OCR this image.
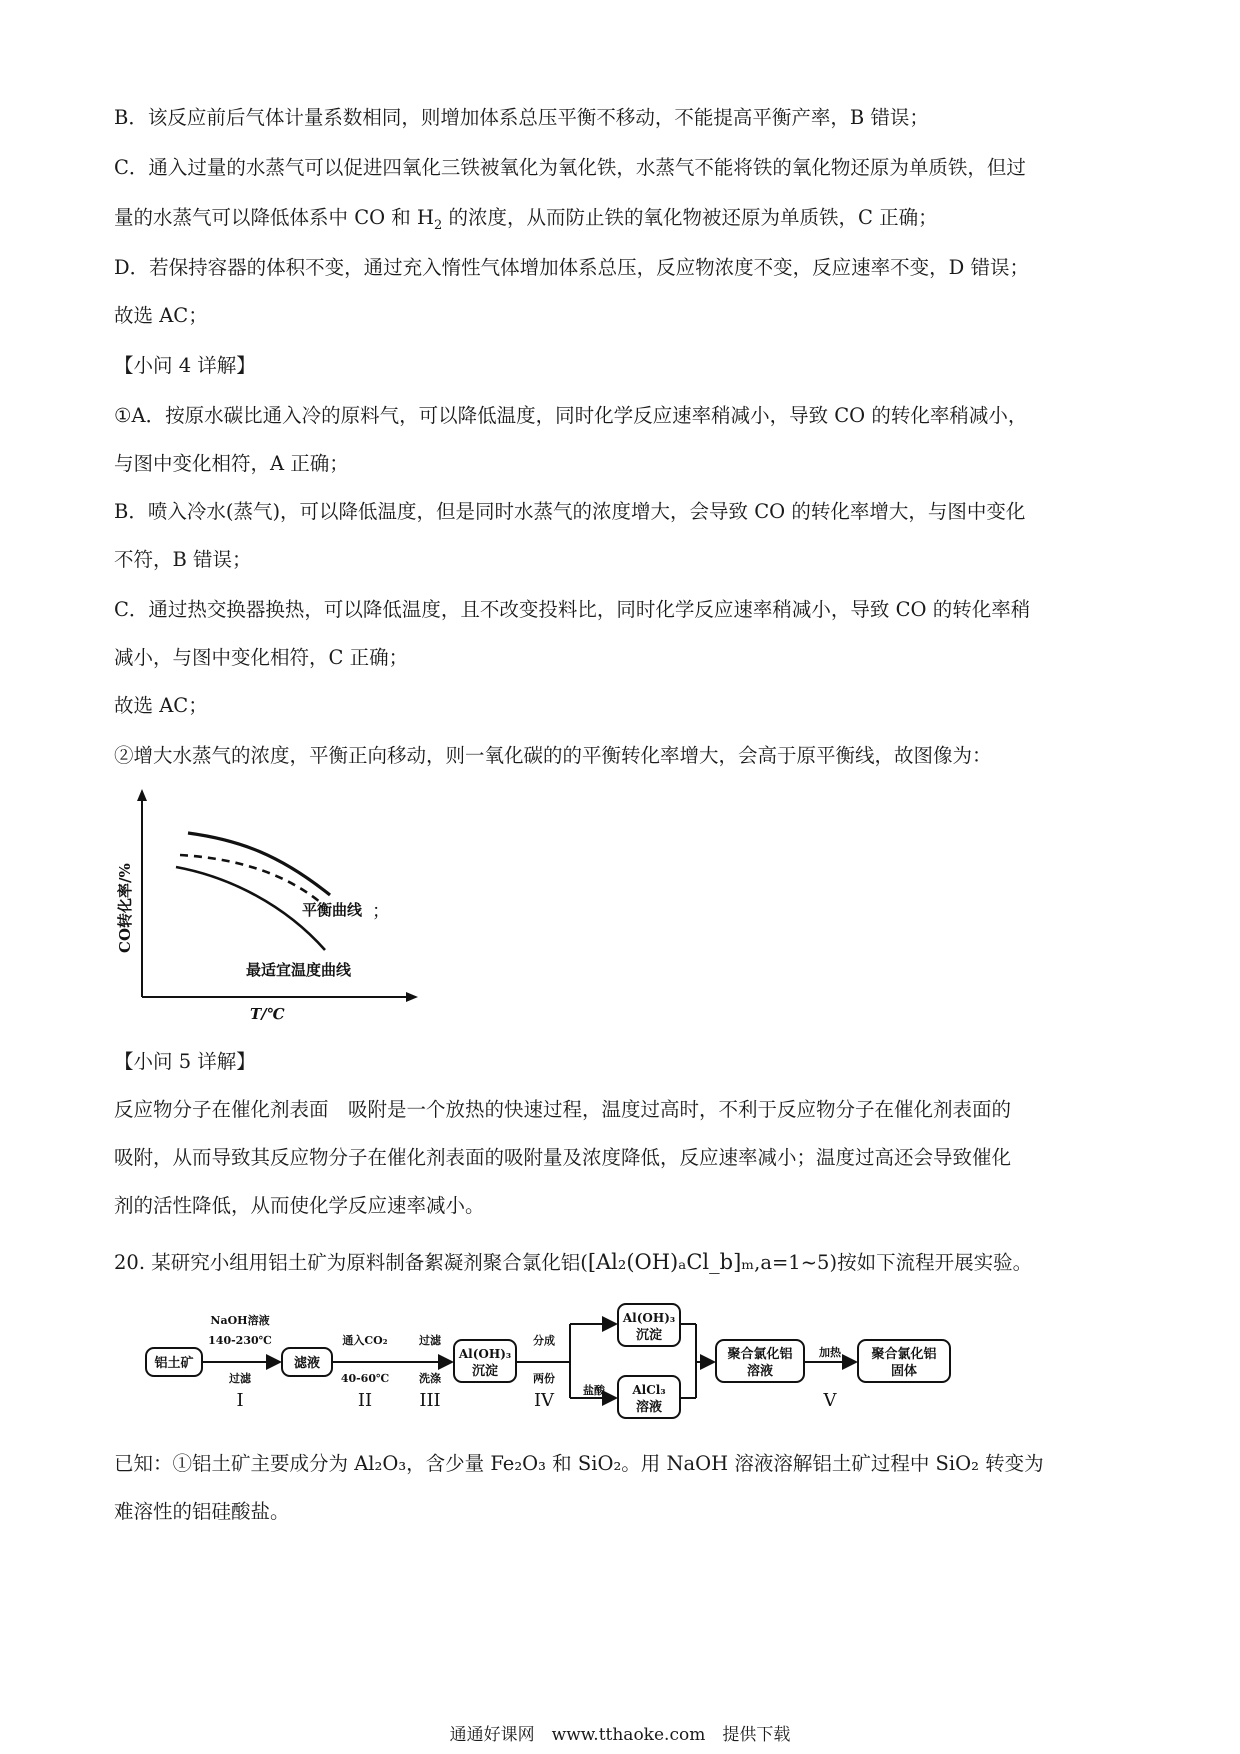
B．该反应前后气体计量系数相同，则增加体系总压平衡不移动，不能提高平衡产率，B 错误；
C．通入过量的水蒸气可以促进四氧化三铁被氧化为氧化铁，水蒸气不能将铁的氧化物还原为单质铁，但过
量的水蒸气可以降低体系中 CO 和 $H_2$ 的浓度，从而防止铁的氧化物被还原为单质铁，C 正确；
D．若保持容器的体积不变，通过充入惰性气体增加体系总压，反应物浓度不变，反应速率不变，D 错误；
故选 AC；
【小问 4 详解】
①A．按原水碳比通入冷的原料气，可以降低温度，同时化学反应速率稍减小，导致 CO 的转化率稍减小，
与图中变化相符，A 正确；
B．喷入冷水(蒸气)，可以降低温度，但是同时水蒸气的浓度增大，会导致 CO 的转化率增大，与图中变化
不符，B 错误；
C．通过热交换器换热，可以降低温度，且不改变投料比，同时化学反应速率稍减小，导致 CO 的转化率稍
减小，与图中变化相符，C 正确；
故选 AC；
②增大水蒸气的浓度，平衡正向移动，则一氧化碳的的平衡转化率增大，会高于原平衡线，故图像为：
CO转化率/%
T/℃
平衡曲线
最适宜温度曲线
；
【小问 5 详解】
反应物分子在催化剂表面　吸附是一个放热的快速过程，温度过高时，不利于反应物分子在催化剂表面的
吸附，从而导致其反应物分子在催化剂表面的吸附量及浓度降低，反应速率减小；温度过高还会导致催化
剂的活性降低，从而使化学反应速率减小。
20. 某研究小组用铝土矿为原料制备絮凝剂聚合氯化铝([Al₂(OH)ₐCl_b]ₘ,a=1~5)按如下流程开展实验。
铝土矿	滤液
Al(OH)₃
沉淀
Al(OH)₃
沉淀
AlCl₃
溶液
聚合氯化铝
溶液
聚合氯化铝
固体
NaOH溶液
140-230℃
过滤
通入CO₂
40-60℃
过滤
洗涤
分成
两份
盐酸
加热
I	II	III	IV	V
已知：①铝土矿主要成分为 Al₂O₃，含少量 Fe₂O₃ 和 SiO₂。用 NaOH 溶液溶解铝土矿过程中 SiO₂ 转变为
难溶性的铝硅酸盐。
通通好课网　www.tthaoke.com　提供下载
